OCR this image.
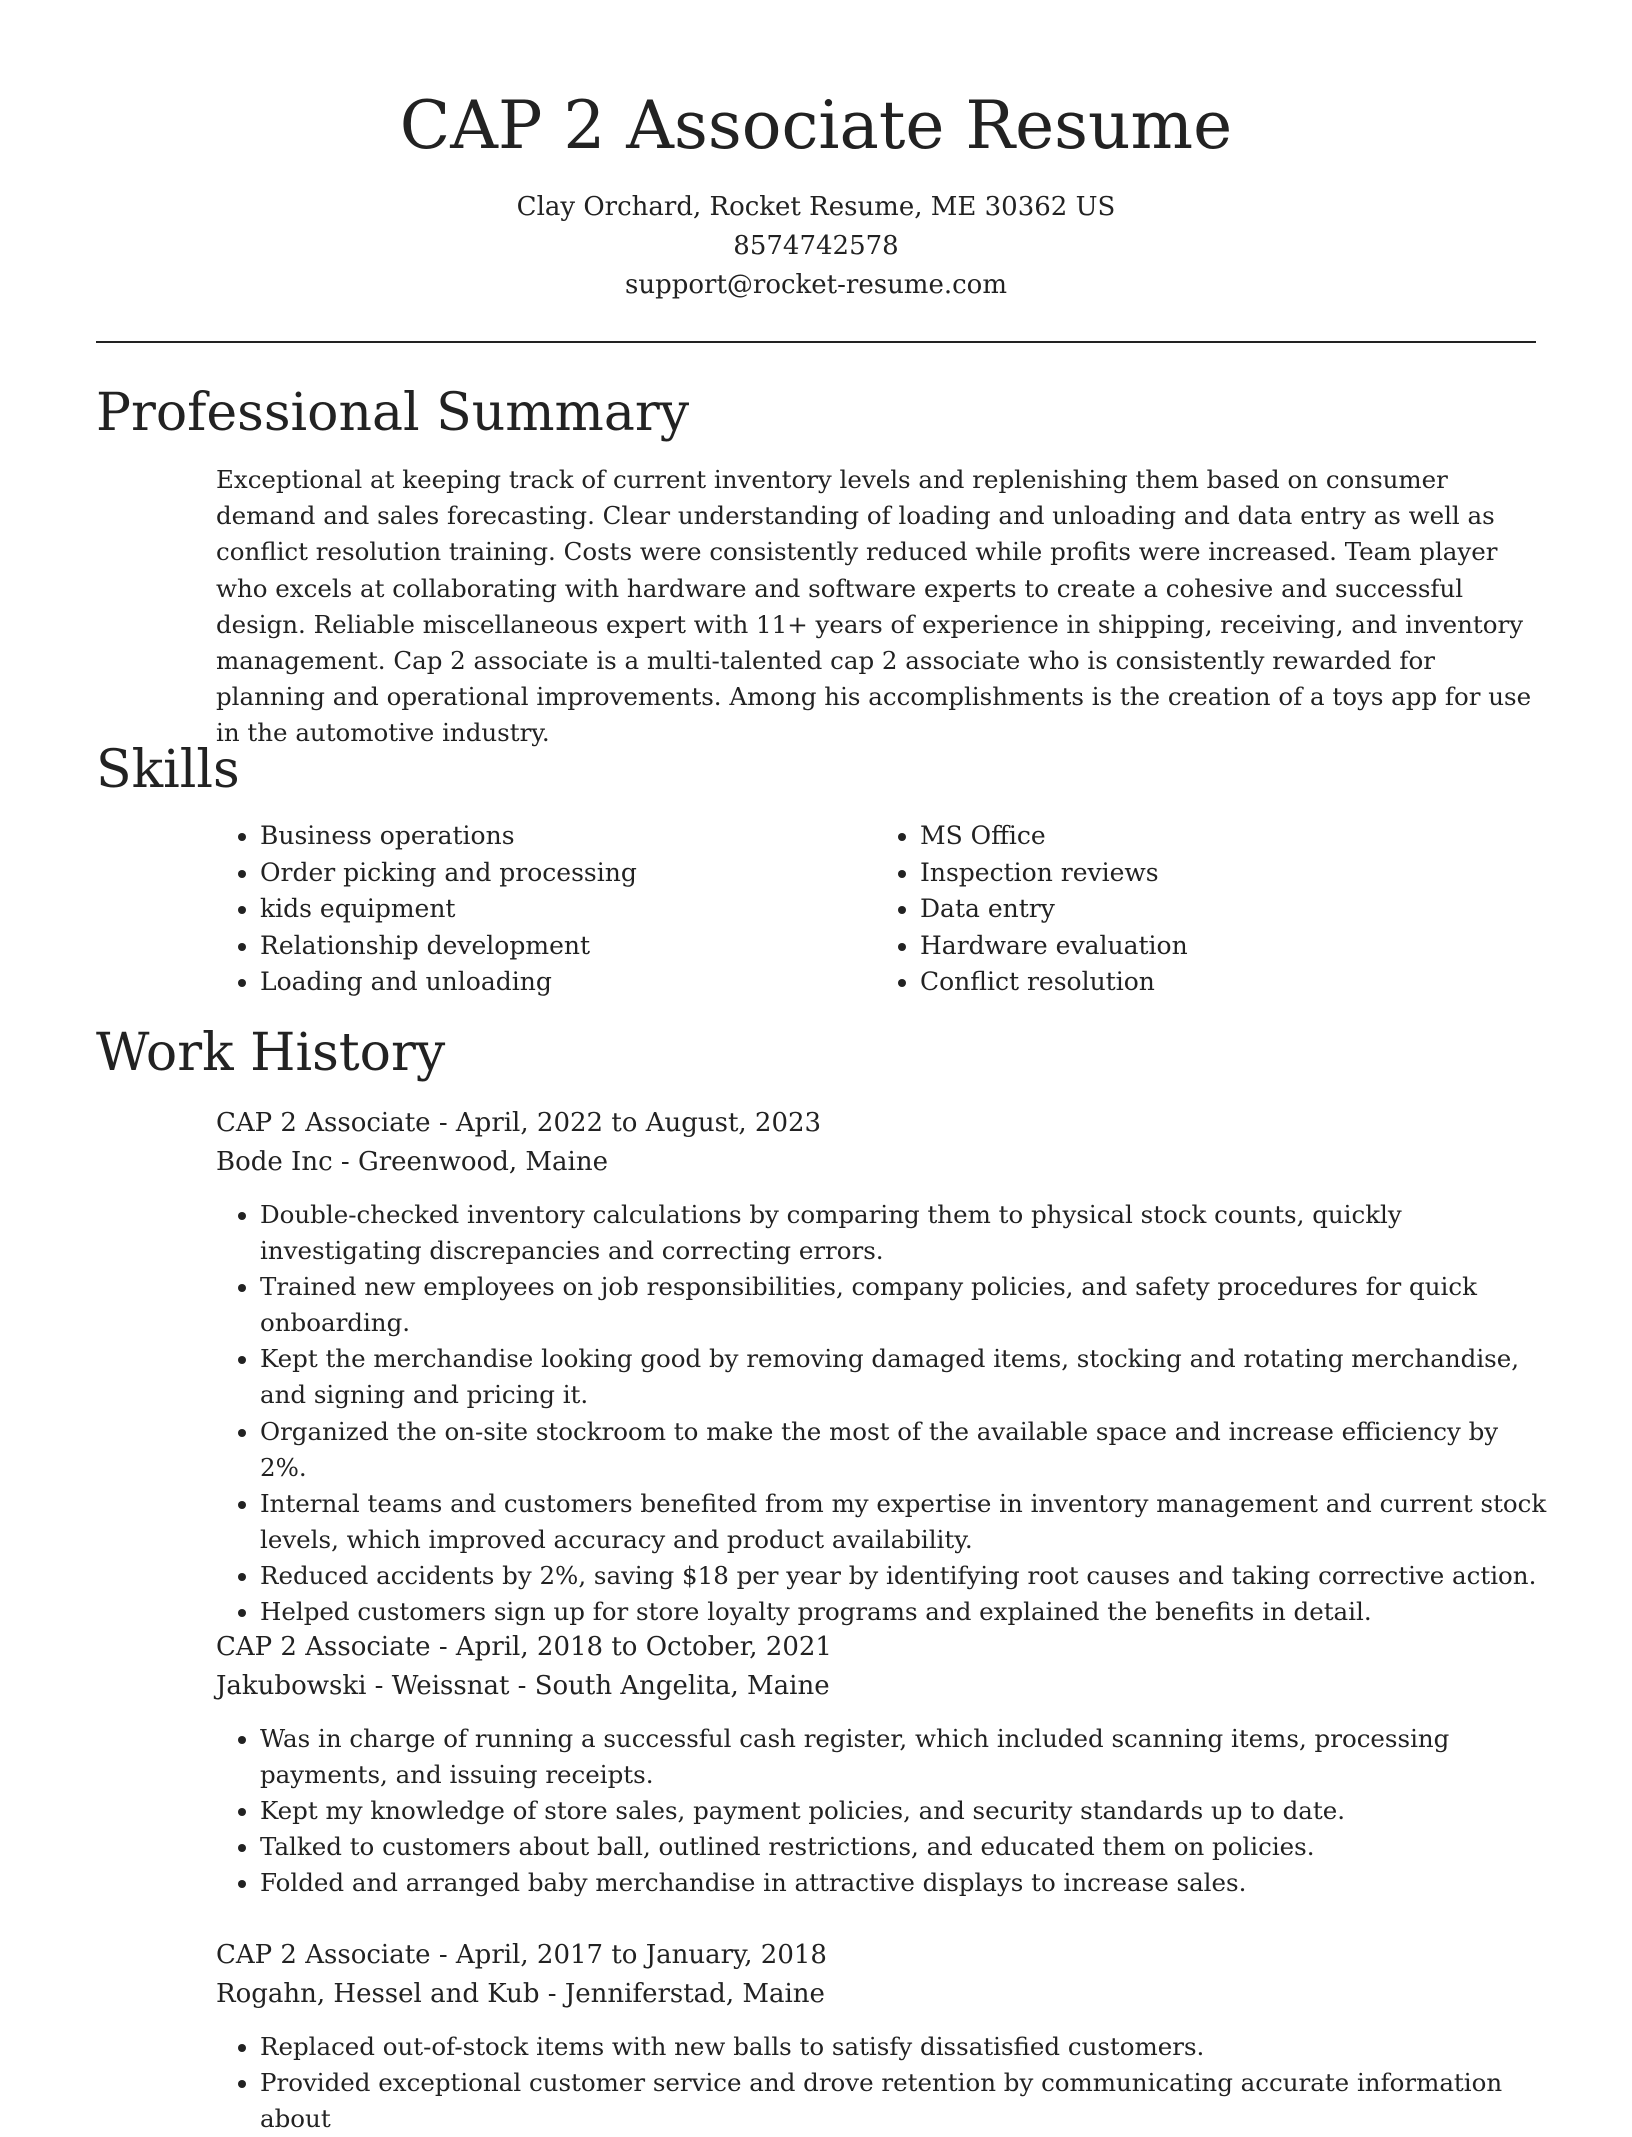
CAP 2 Associate Resume
Clay Orchard, Rocket Resume, ME 30362 US
8574742578
support@rocket-resume.com
Professional Summary

Exceptional at keeping track of current inventory levels and replenishing them based on consumer demand and sales forecasting. Clear understanding of loading and unloading and data entry as well as conflict resolution training. Costs were consistently reduced while profits were increased. Team player who excels at collaborating with hardware and software experts to create a cohesive and successful design. Reliable miscellaneous expert with 11+ years of experience in shipping, receiving, and inventory management. Cap 2 associate is a multi-talented cap 2 associate who is consistently rewarded for planning and operational improvements. Among his accomplishments is the creation of a toys app for use in the automotive industry.

Skills
• Business operations
• Order picking and processing
• kids equipment
• Relationship development
• Loading and unloading
• MS Office
• Inspection reviews
• Data entry
• Hardware evaluation
• Conflict resolution
Work History

CAP 2 Associate - April, 2022 to August, 2023

Bode Inc - Greenwood, Maine

• Double-checked inventory calculations by comparing them to physical stock counts, quickly investigating discrepancies and correcting errors.
• Trained new employees on job responsibilities, company policies, and safety procedures for quick onboarding.
• Kept the merchandise looking good by removing damaged items, stocking and rotating merchandise, and signing and pricing it.
• Organized the on-site stockroom to make the most of the available space and increase efficiency by 2%.
• Internal teams and customers benefited from my expertise in inventory management and current stock levels, which improved accuracy and product availability.
• Reduced accidents by 2%, saving $18 per year by identifying root causes and taking corrective action.
• Helped customers sign up for store loyalty programs and explained the benefits in detail.

CAP 2 Associate - April, 2018 to October, 2021

Jakubowski - Weissnat - South Angelita, Maine

• Was in charge of running a successful cash register, which included scanning items, processing payments, and issuing receipts.
• Kept my knowledge of store sales, payment policies, and security standards up to date.
• Talked to customers about ball, outlined restrictions, and educated them on policies.
• Folded and arranged baby merchandise in attractive displays to increase sales.

CAP 2 Associate - April, 2017 to January, 2018

Rogahn, Hessel and Kub - Jenniferstad, Maine

• Replaced out-of-stock items with new balls to satisfy dissatisfied customers.
• Provided exceptional customer service and drove retention by communicating accurate information about
